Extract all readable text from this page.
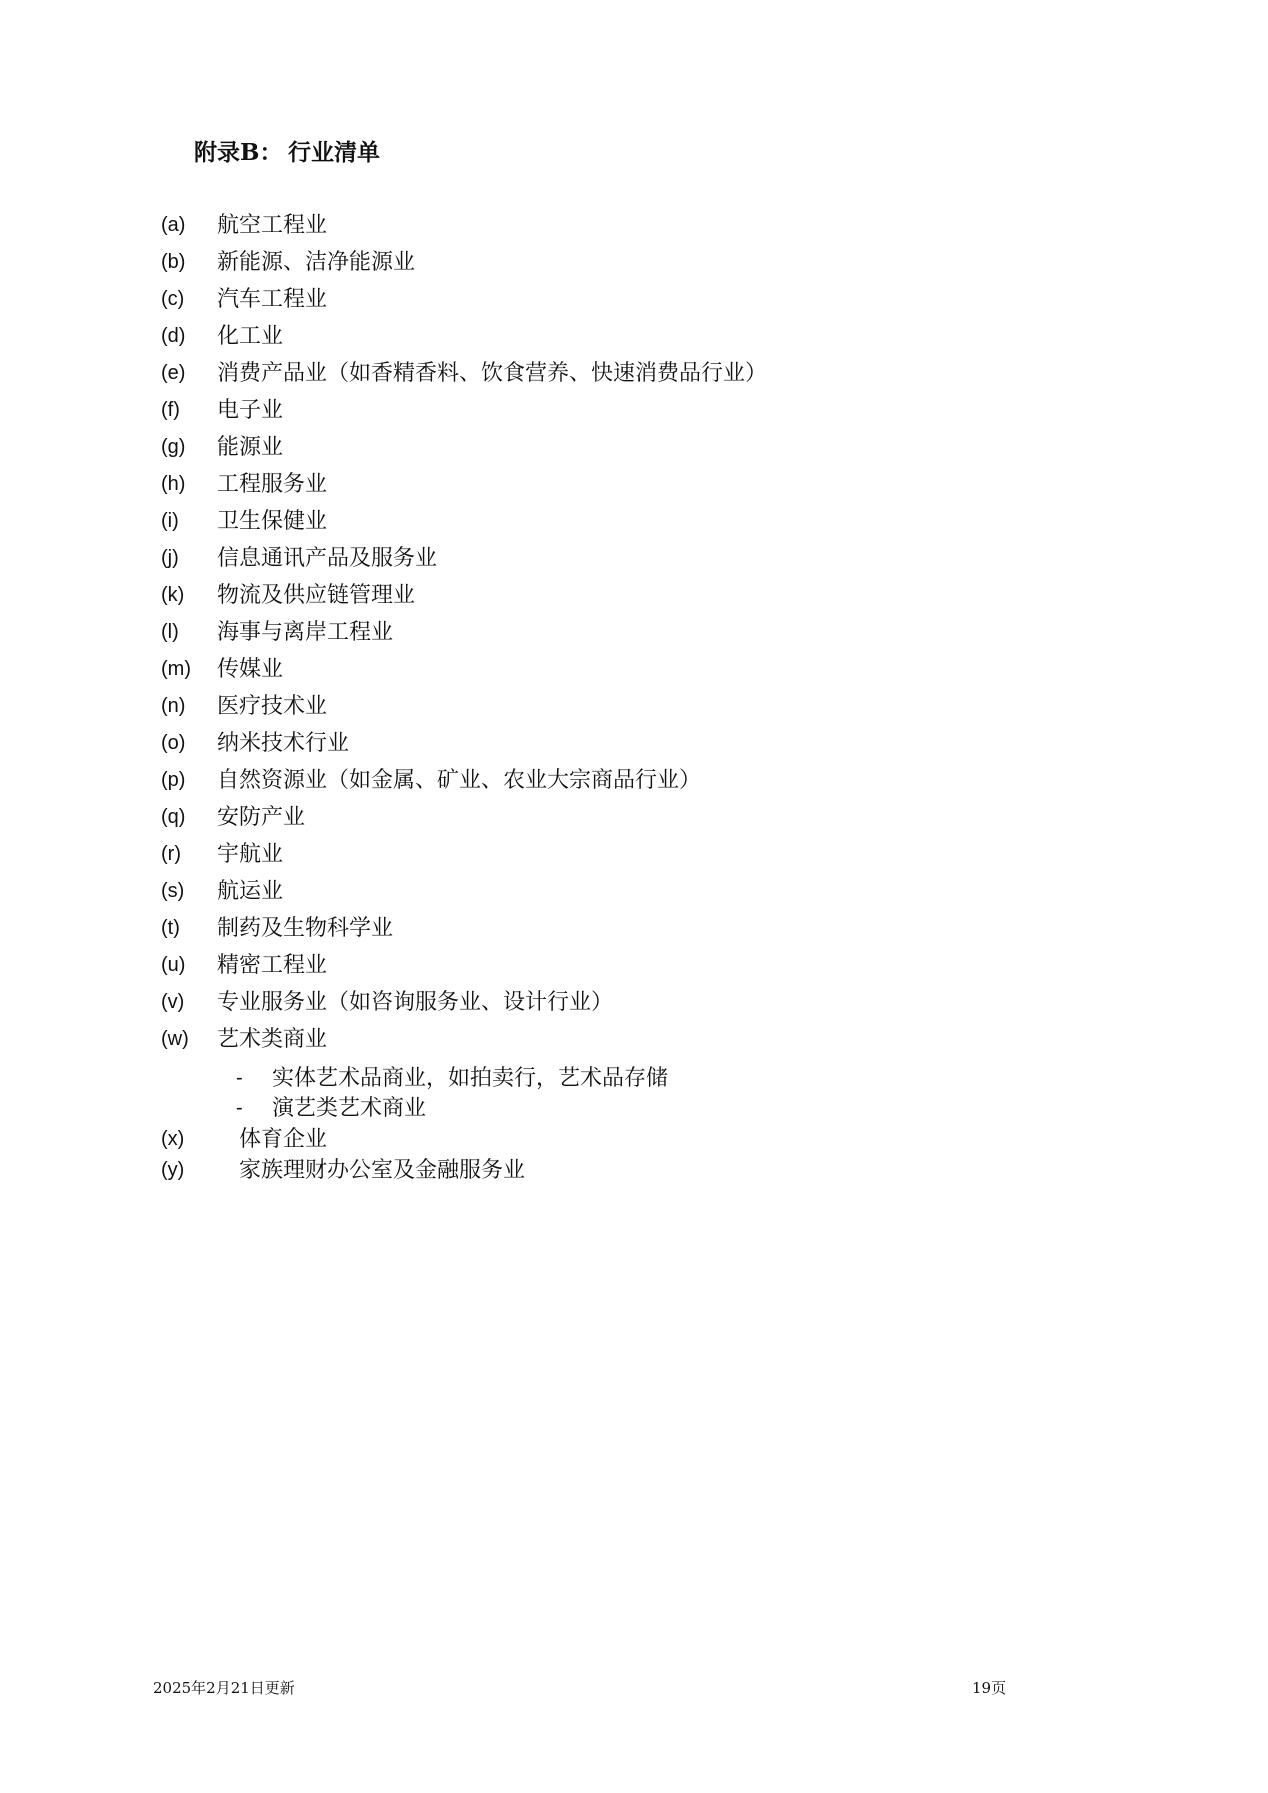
附录B： 行业清单
(a) 航空工程业
(b) 新能源、洁净能源业
(c) 汽车工程业
(d) 化工业
(e) 消费产品业（如香精香料、饮食营养、快速消费品行业）
(f) 电子业
(g) 能源业
(h) 工程服务业
(i) 卫生保健业
(j) 信息通讯产品及服务业
(k) 物流及供应链管理业
(l) 海事与离岸工程业
(m) 传媒业
(n) 医疗技术业
(o) 纳米技术行业
(p) 自然资源业（如金属、矿业、农业大宗商品行业）
(q) 安防产业
(r) 宇航业
(s) 航运业
(t) 制药及生物科学业
(u) 精密工程业
(v) 专业服务业（如咨询服务业、设计行业）
(w) 艺术类商业
- 实体艺术品商业，如拍卖行，艺术品存储
- 演艺类艺术商业
(x) 体育企业
(y) 家族理财办公室及金融服务业
2025年2月21日更新	19页
